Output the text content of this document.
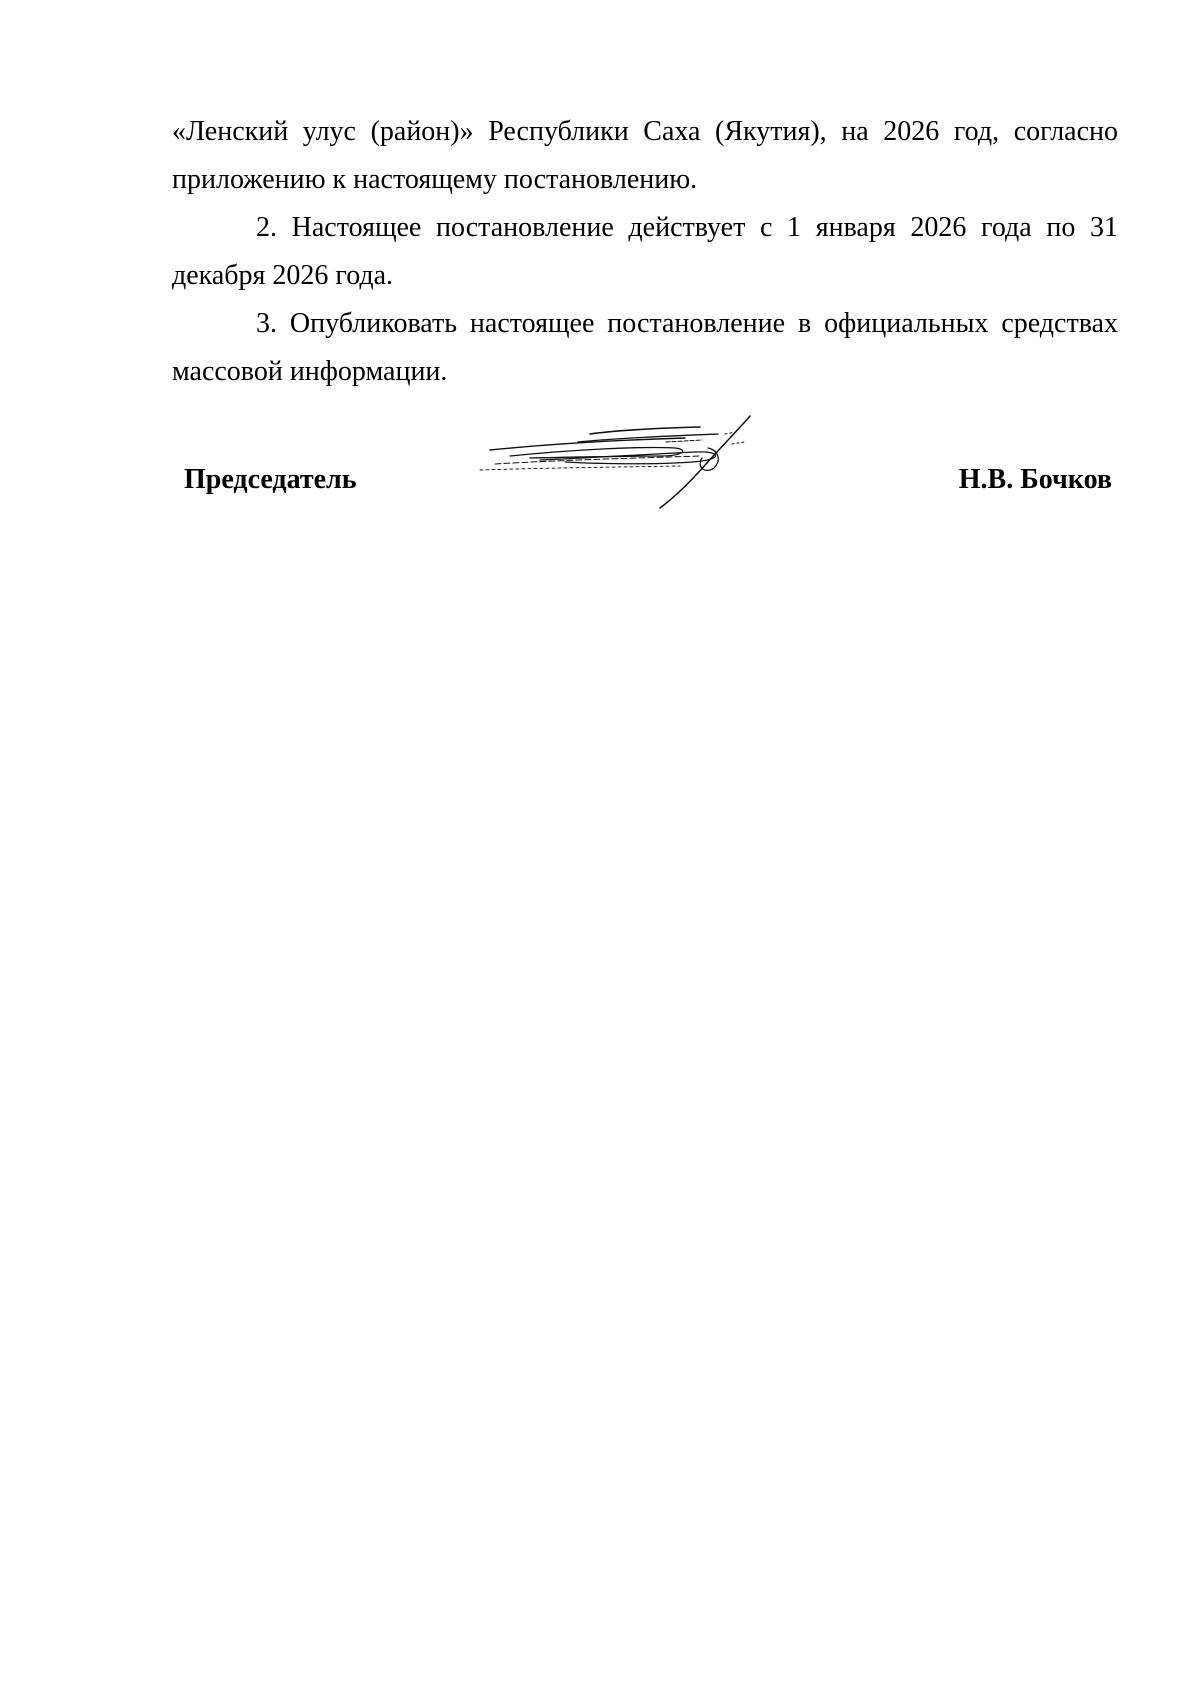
«Ленский улус (район)» Республики Саха (Якутия), на 2026 год, согласно приложению к настоящему постановлению.

2. Настоящее постановление действует с 1 января 2026 года по 31 декабря 2026 года.

3. Опубликовать настоящее постановление в официальных средствах массовой информации.

Председатель	Н.В. Бочков
